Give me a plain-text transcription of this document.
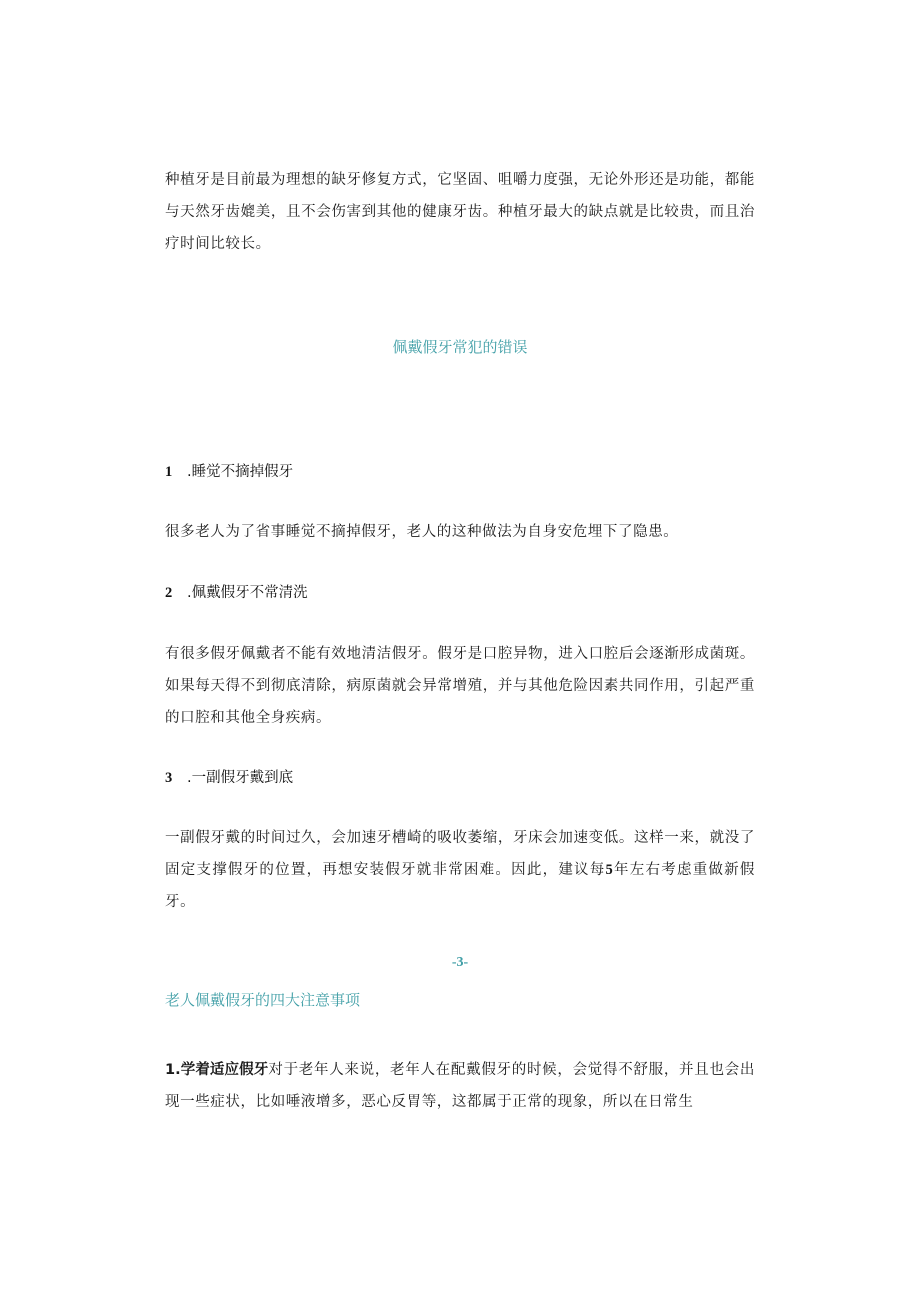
种植牙是目前最为理想的缺牙修复方式，它坚固、咀嚼力度强，无论外形还是功能，都能与天然牙齿媲美，且不会伤害到其他的健康牙齿。种植牙最大的缺点就是比较贵，而且治疗时间比较长。

佩戴假牙常犯的错误
1 .睡觉不摘掉假牙

很多老人为了省事睡觉不摘掉假牙，老人的这种做法为自身安危埋下了隐患。

2 .佩戴假牙不常清洗

有很多假牙佩戴者不能有效地清洁假牙。假牙是口腔异物，进入口腔后会逐渐形成菌斑。如果每天得不到彻底清除，病原菌就会异常增殖，并与其他危险因素共同作用，引起严重的口腔和其他全身疾病。

3 .一副假牙戴到底

一副假牙戴的时间过久，会加速牙槽崎的吸收萎缩，牙床会加速变低。这样一来，就没了固定支撑假牙的位置，再想安装假牙就非常困难。因此，建议每5年左右考虑重做新假牙。

-3-

老人佩戴假牙的四大注意事项

1.学着适应假牙对于老年人来说，老年人在配戴假牙的时候，会觉得不舒服，并且也会出现一些症状，比如唾液增多，恶心反胃等，这都属于正常的现象，所以在日常生
